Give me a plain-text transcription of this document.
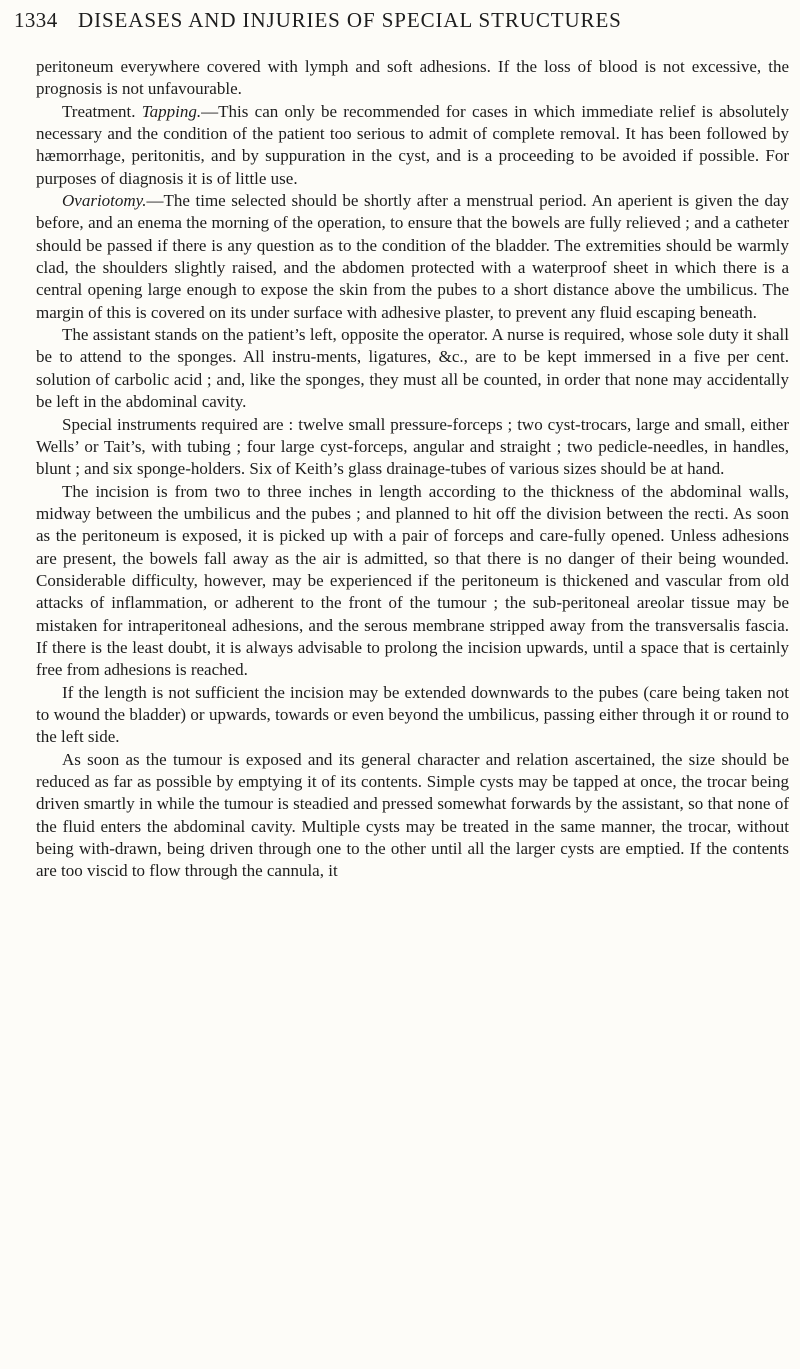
1334 DISEASES AND INJURIES OF SPECIAL STRUCTURES

peritoneum everywhere covered with lymph and soft adhesions. If the loss of blood is not excessive, the prognosis is not unfavourable.

Treatment. Tapping.—This can only be recommended for cases in which immediate relief is absolutely necessary and the condition of the patient too serious to admit of complete removal. It has been followed by hæmorrhage, peritonitis, and by suppuration in the cyst, and is a proceeding to be avoided if possible. For purposes of diagnosis it is of little use.

Ovariotomy.—The time selected should be shortly after a menstrual period. An aperient is given the day before, and an enema the morning of the operation, to ensure that the bowels are fully relieved ; and a catheter should be passed if there is any question as to the condition of the bladder. The extremities should be warmly clad, the shoulders slightly raised, and the abdomen protected with a waterproof sheet in which there is a central opening large enough to expose the skin from the pubes to a short distance above the umbilicus. The margin of this is covered on its under surface with adhesive plaster, to prevent any fluid escaping beneath.

The assistant stands on the patient’s left, opposite the operator. A nurse is required, whose sole duty it shall be to attend to the sponges. All instru-ments, ligatures, &c., are to be kept immersed in a five per cent. solution of carbolic acid ; and, like the sponges, they must all be counted, in order that none may accidentally be left in the abdominal cavity.

Special instruments required are : twelve small pressure-forceps ; two cyst-trocars, large and small, either Wells’ or Tait’s, with tubing ; four large cyst-forceps, angular and straight ; two pedicle-needles, in handles, blunt ; and six sponge-holders. Six of Keith’s glass drainage-tubes of various sizes should be at hand.

The incision is from two to three inches in length according to the thickness of the abdominal walls, midway between the umbilicus and the pubes ; and planned to hit off the division between the recti. As soon as the peritoneum is exposed, it is picked up with a pair of forceps and care-fully opened. Unless adhesions are present, the bowels fall away as the air is admitted, so that there is no danger of their being wounded. Considerable difficulty, however, may be experienced if the peritoneum is thickened and vascular from old attacks of inflammation, or adherent to the front of the tumour ; the sub-peritoneal areolar tissue may be mistaken for intraperitoneal adhesions, and the serous membrane stripped away from the transversalis fascia. If there is the least doubt, it is always advisable to prolong the incision upwards, until a space that is certainly free from adhesions is reached.

If the length is not sufficient the incision may be extended downwards to the pubes (care being taken not to wound the bladder) or upwards, towards or even beyond the umbilicus, passing either through it or round to the left side.

As soon as the tumour is exposed and its general character and relation ascertained, the size should be reduced as far as possible by emptying it of its contents. Simple cysts may be tapped at once, the trocar being driven smartly in while the tumour is steadied and pressed somewhat forwards by the assistant, so that none of the fluid enters the abdominal cavity. Multiple cysts may be treated in the same manner, the trocar, without being with-drawn, being driven through one to the other until all the larger cysts are emptied. If the contents are too viscid to flow through the cannula, it
